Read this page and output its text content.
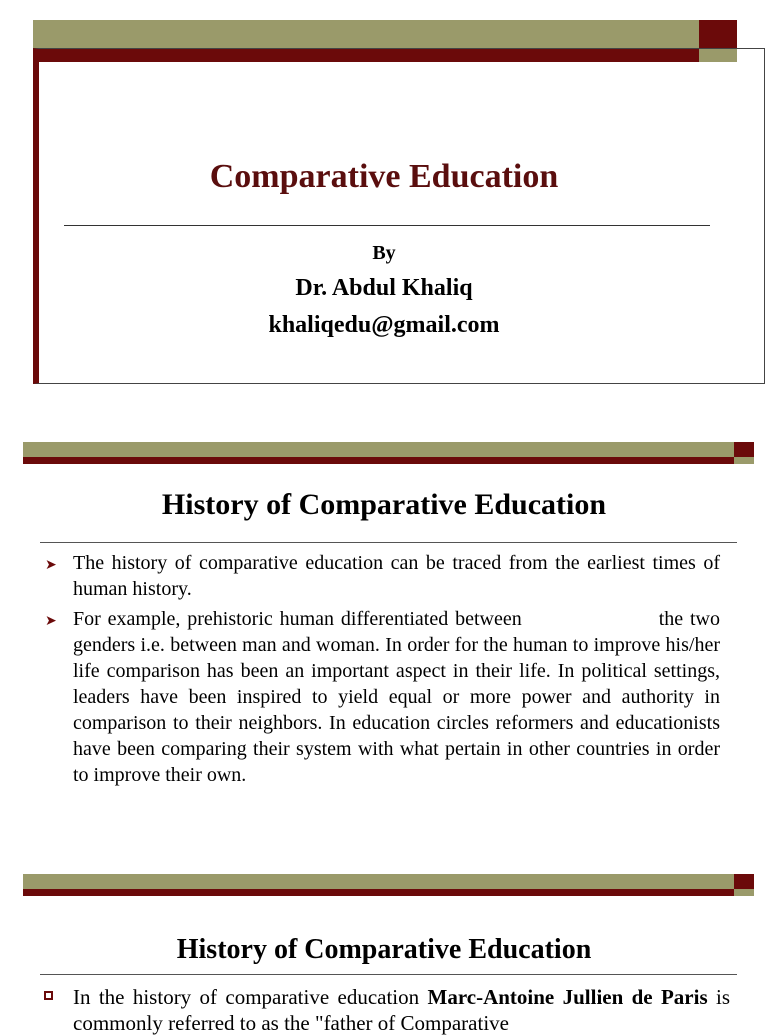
Comparative Education
By
Dr. Abdul Khaliq
khaliqedu@gmail.com
History of Comparative Education
➤ The history of comparative education can be traced from the earliest times of human history.
➤ For example, prehistoric human differentiated between                    the two genders i.e. between man and woman. In order for the human to improve his/her life comparison has been an important aspect in their life. In political settings, leaders have been inspired to yield equal or more power and authority in comparison to their neighbors. In education circles reformers and educationists have been comparing their system with what pertain in other countries in order to improve their own.
History of Comparative Education
In the history of comparative education Marc-Antoine Jullien de Paris is commonly referred to as the "father of Comparative
